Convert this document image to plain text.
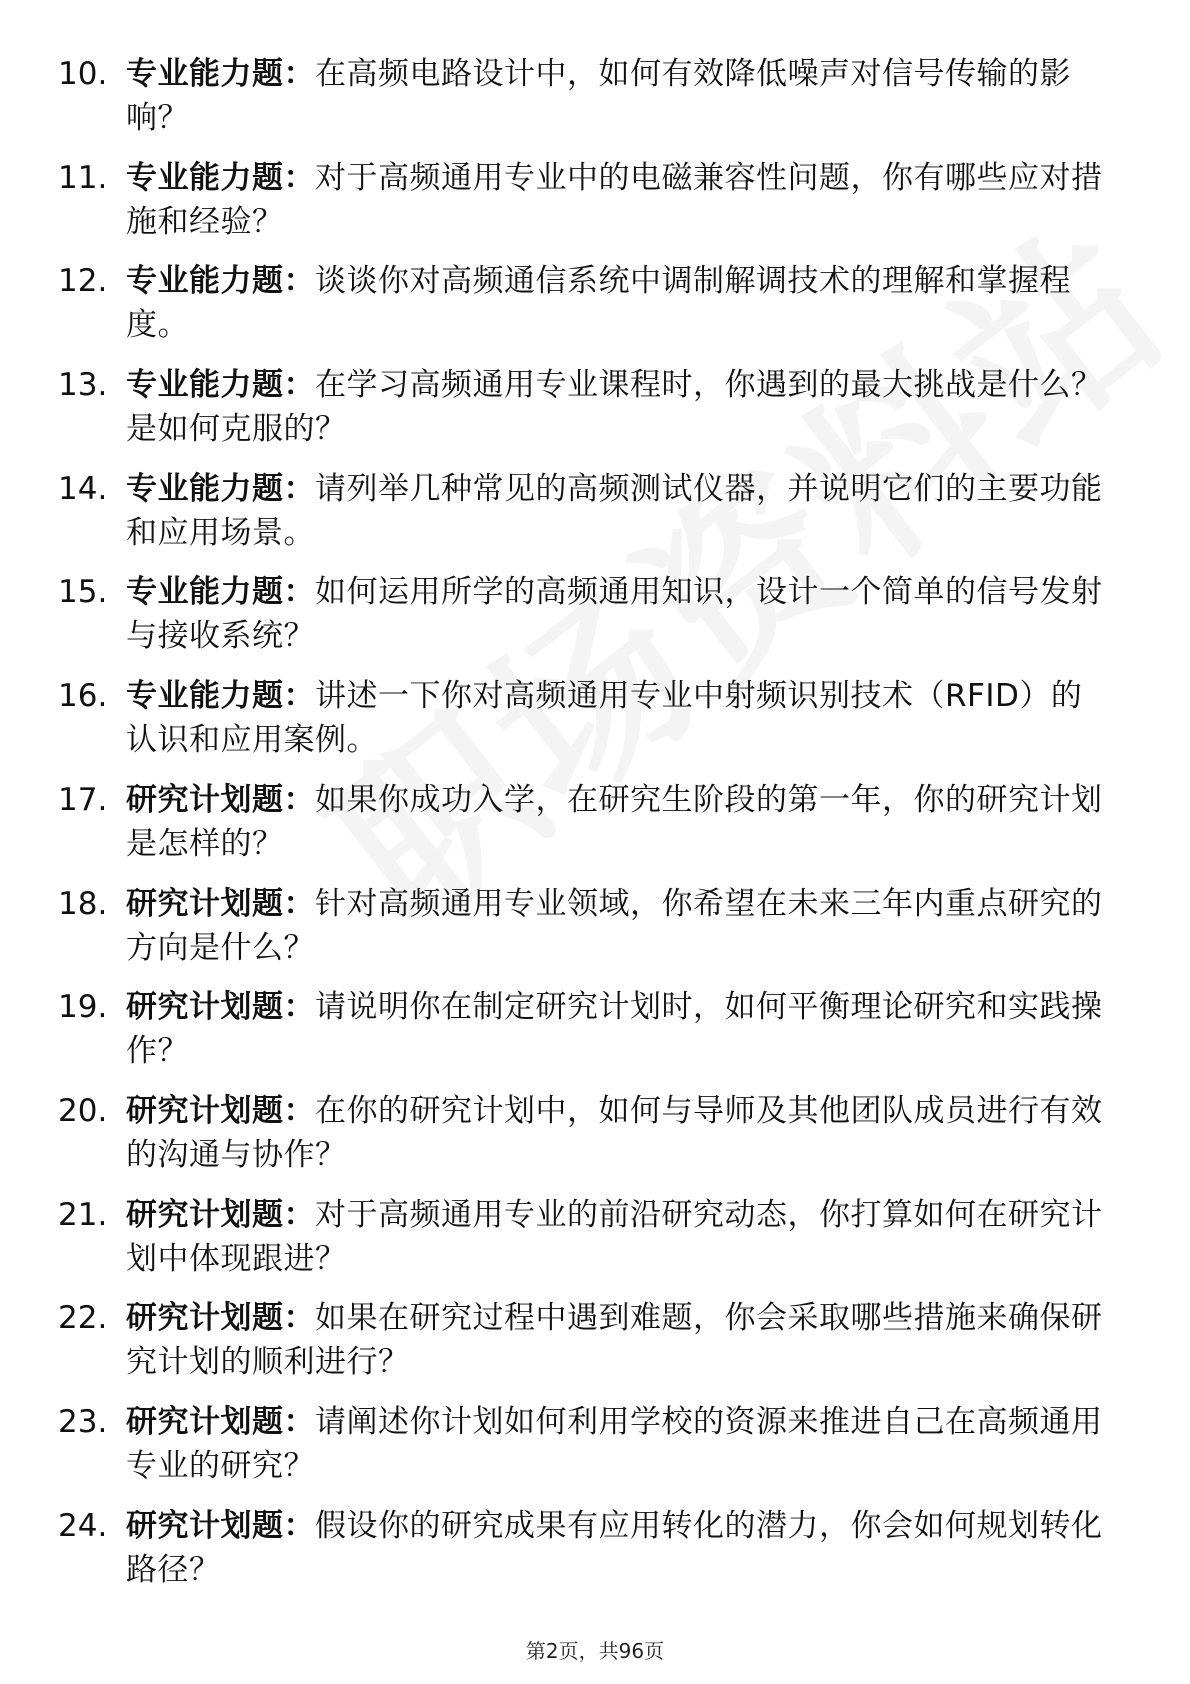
10. 专业能力题：在高频电路设计中，如何有效降低噪声对信号传输的影响？
11. 专业能力题：对于高频通用专业中的电磁兼容性问题，你有哪些应对措施和经验？
12. 专业能力题：谈谈你对高频通信系统中调制解调技术的理解和掌握程度。
13. 专业能力题：在学习高频通用专业课程时，你遇到的最大挑战是什么？是如何克服的？
14. 专业能力题：请列举几种常见的高频测试仪器，并说明它们的主要功能和应用场景。
15. 专业能力题：如何运用所学的高频通用知识，设计一个简单的信号发射与接收系统？
16. 专业能力题：讲述一下你对高频通用专业中射频识别技术（RFID）的认识和应用案例。
17. 研究计划题：如果你成功入学，在研究生阶段的第一年，你的研究计划是怎样的？
18. 研究计划题：针对高频通用专业领域，你希望在未来三年内重点研究的方向是什么？
19. 研究计划题：请说明你在制定研究计划时，如何平衡理论研究和实践操作？
20. 研究计划题：在你的研究计划中，如何与导师及其他团队成员进行有效的沟通与协作？
21. 研究计划题：对于高频通用专业的前沿研究动态，你打算如何在研究计划中体现跟进？
22. 研究计划题：如果在研究过程中遇到难题，你会采取哪些措施来确保研究计划的顺利进行？
23. 研究计划题：请阐述你计划如何利用学校的资源来推进自己在高频通用专业的研究？
24. 研究计划题：假设你的研究成果有应用转化的潜力，你会如何规划转化路径？
第2页，共96页
